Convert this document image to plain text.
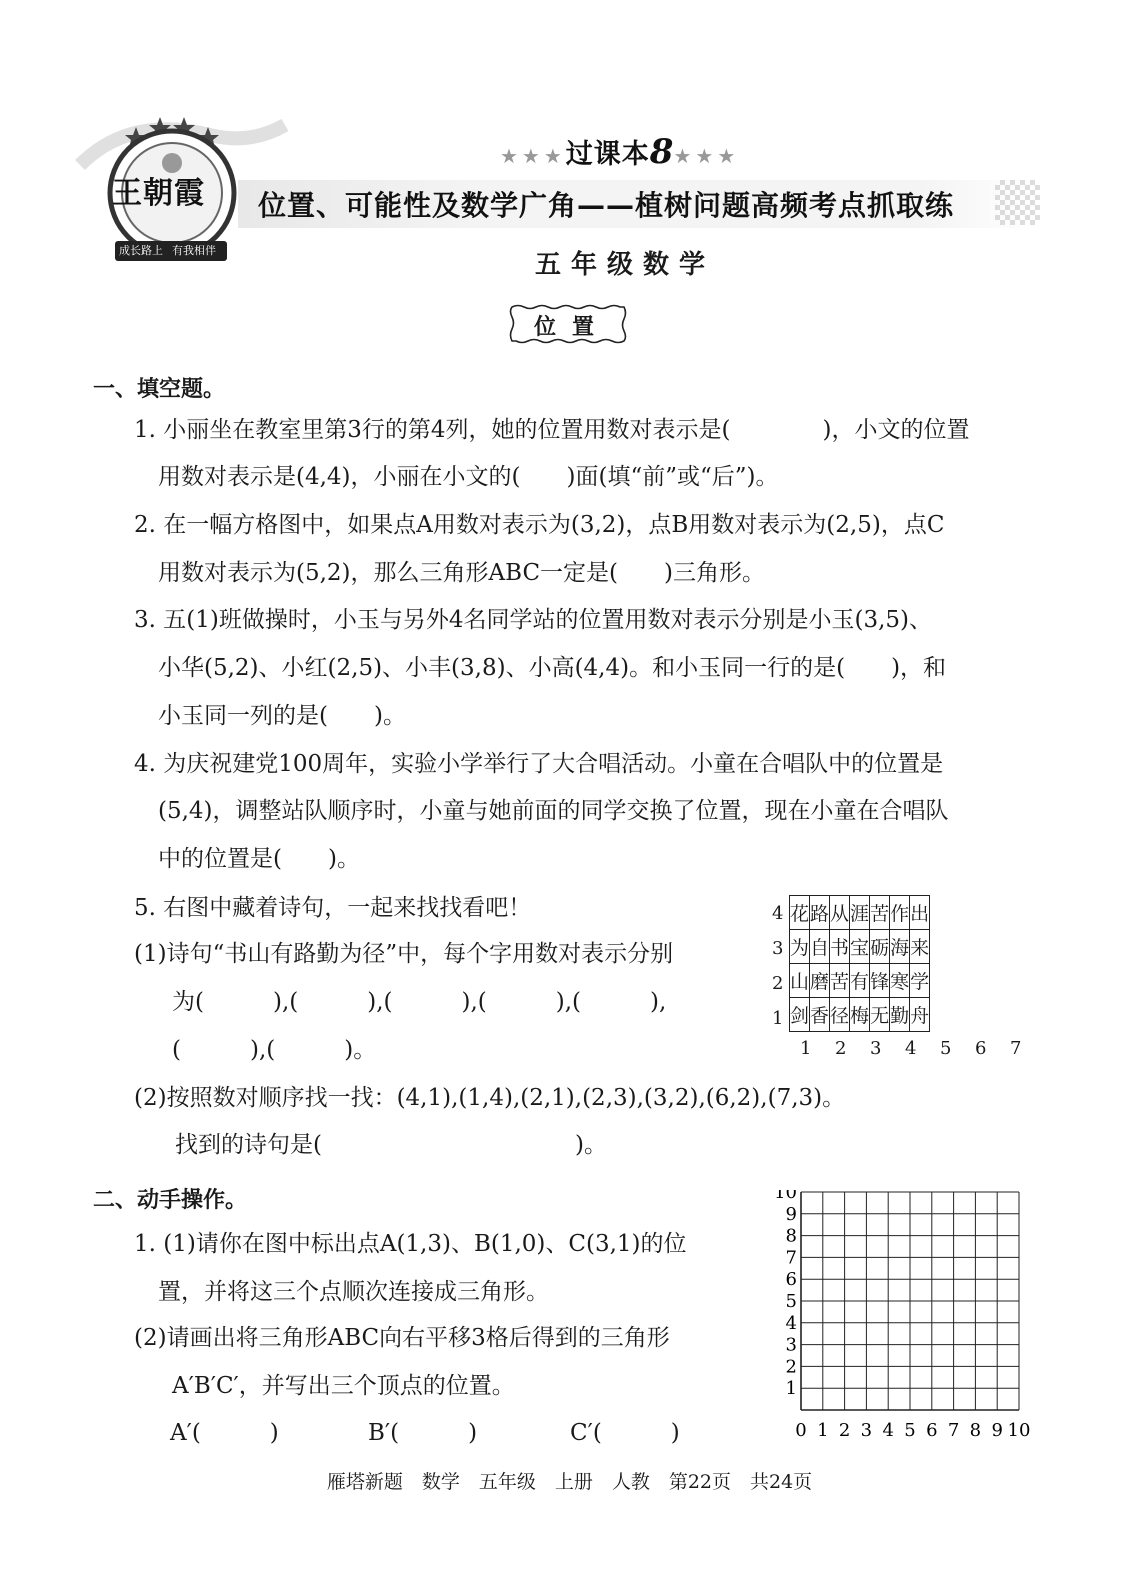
王朝霞
成长路上 有我相伴
★★★过课本8★★★
位置、可能性及数学广角——植树问题高频考点抓取练
五年级数学
位置
一、填空题。
1. 小丽坐在教室里第3行的第4列，她的位置用数对表示是(　　　　)，小文的位置
用数对表示是(4,4)，小丽在小文的(　　)面(填“前”或“后”)。
2. 在一幅方格图中，如果点A用数对表示为(3,2)，点B用数对表示为(2,5)，点C
用数对表示为(5,2)，那么三角形ABC一定是(　　)三角形。
3. 五(1)班做操时，小玉与另外4名同学站的位置用数对表示分别是小玉(3,5)、
小华(5,2)、小红(2,5)、小丰(3,8)、小高(4,4)。和小玉同一行的是(　　)，和
小玉同一列的是(　　)。
4. 为庆祝建党100周年，实验小学举行了大合唱活动。小童在合唱队中的位置是
(5,4)，调整站队顺序时，小童与她前面的同学交换了位置，现在小童在合唱队
中的位置是(　　)。
5. 右图中藏着诗句，一起来找找看吧！
(1)诗句“书山有路勤为径”中，每个字用数对表示分别
为(　　　),(　　　),(　　　),(　　　),(　　　),
(　　　),(　　　)。
(2)按照数对顺序找一找：(4,1),(1,4),(2,1),(2,3),(3,2),(6,2),(7,3)。
找到的诗句是(　　　　　　　　　　　)。
4
3
2
1
花	路	从	涯	苦	作	出
为	自	书	宝	砺	海	来
山	磨	苦	有	锋	寒	学
剑	香	径	梅	无	勤	舟
1 2 3 4 5 6 7
二、动手操作。
1. (1)请你在图中标出点A(1,3)、B(1,0)、C(3,1)的位
置，并将这三个点顺次连接成三角形。
(2)请画出将三角形ABC向右平移3格后得到的三角形
A′B′C′，并写出三个顶点的位置。
A′(　　　)	B′(　　　)	C′(　　　)	0 1 2 3 4 5 6 7 8 9 10
1
2
3
4
5
6
7
8
9
10
雁塔新题　数学　五年级　上册　人教　第22页　共24页
